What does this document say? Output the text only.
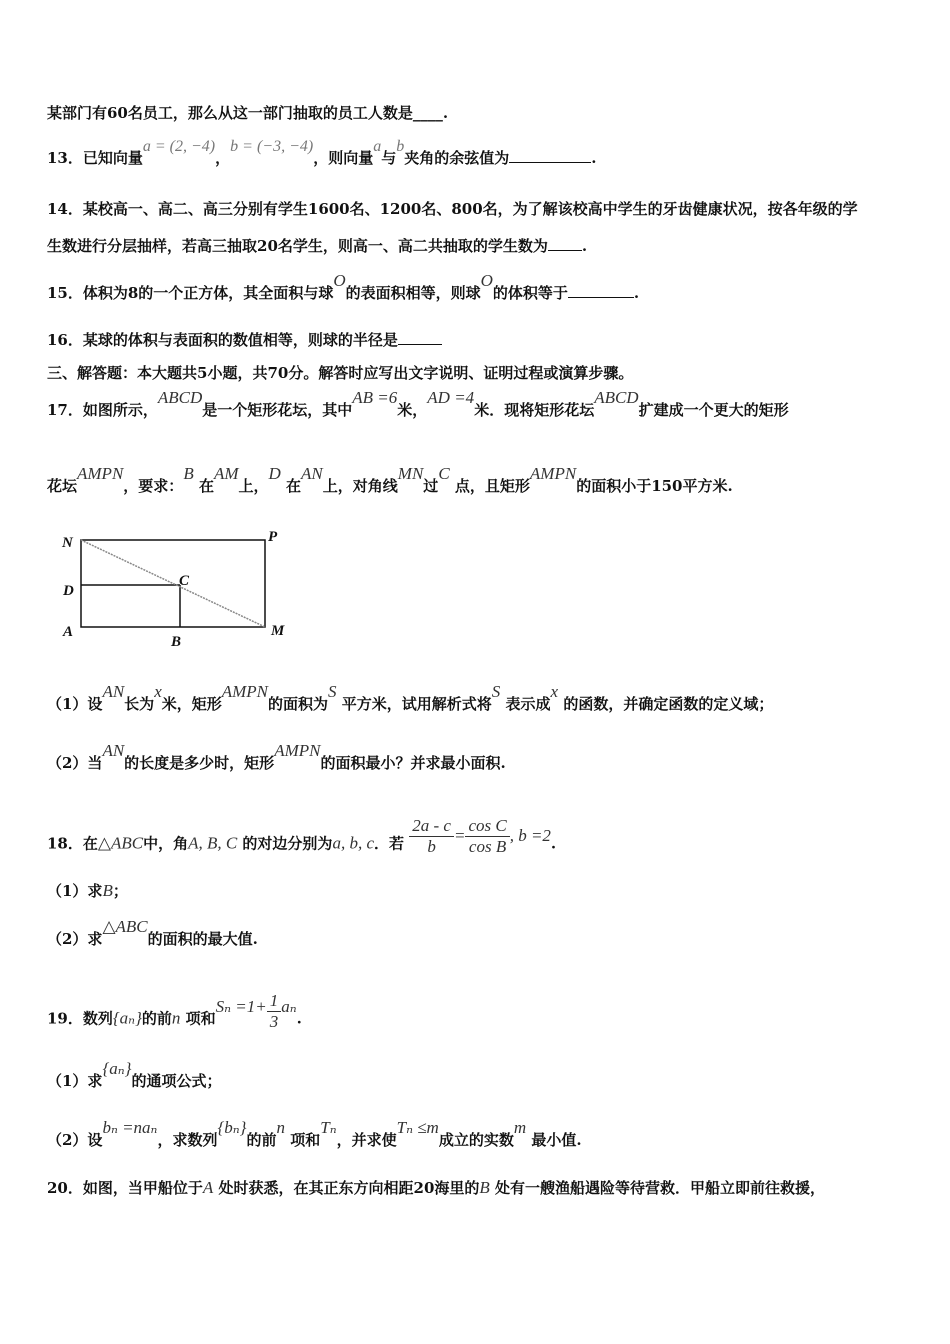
某部门有60名员工，那么从这一部门抽取的员工人数是____.
13．已知向量a = (2, −4)，b = (−3, −4)，则向量a与b夹角的余弦值为	.
14．某校高一、高二、高三分别有学生1600名、1200名、800名，为了解该校高中学生的牙齿健康状况，按各年级的学
生数进行分层抽样，若高三抽取20名学生，则高一、高二共抽取的学生数为 .
15．体积为8的一个正方体，其全面积与球O的表面积相等，则球O的体积等于	.
16．某球的体积与表面积的数值相等，则球的半径是
三、解答题：本大题共5小题，共70分。解答时应写出文字说明、证明过程或演算步骤。
17．如图所示，ABCD是一个矩形花坛，其中AB =6米，AD =4米．现将矩形花坛ABCD扩建成一个更大的矩形
花坛AMPN，要求：B 在AM上，D 在AN上，对角线MN过C 点，且矩形AMPN的面积小于150平方米.
N	P
D
C
A
B
M
（1）设AN长为x米，矩形AMPN的面积为S 平方米，试用解析式将S 表示成x 的函数，并确定函数的定义域；
（2）当AN的长度是多少时，矩形AMPN的面积最小？并求最小面积.
18．在△ABC中，角A, B, C 的对边分别为a, b, c．若 $\frac{2a - c}{b} = \frac{\text{cos C}}{\text{cos B}}$ , b =2.
（1）求B；
（2）求△ABC的面积的最大值.
19．数列{aₙ}的前n 项和$S_n =1+ \frac{1}{3} a_n$.
（1）求{aₙ}的通项公式；
（2）设bₙ =naₙ，求数列{bₙ}的前n 项和Tₙ，并求使Tₙ ≤m成立的实数m 最小值.
20．如图，当甲船位于A 处时获悉，在其正东方向相距20海里的B 处有一艘渔船遇险等待营救．甲船立即前往救援，
